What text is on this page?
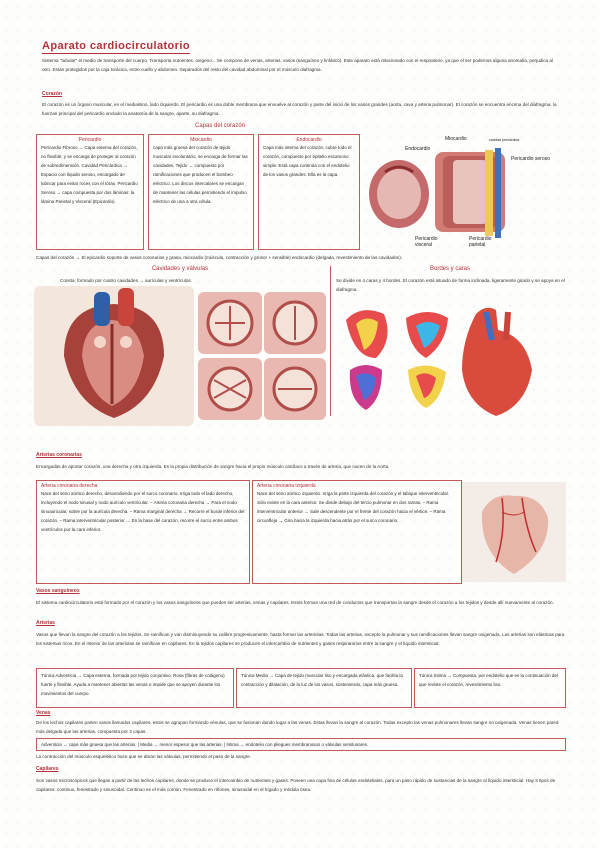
Aparato cardiocirculatorio
Sistema "tubular" el medio de transporte del cuerpo. Transporta nutrientes, oxígeno... Se compone de venas, arterias, vasos (sanguíneo y linfático). Este aparato está relacionado con el respiratorio, ya que el ser podemos alguna anomalía, perjudica al otro. Están protegidos por la caja torácica, entre cuello y abdomen. Separados del resto del cavidad abdominal por el músculo diafragma.
Corazón
El corazón es un órgano muscular, en el mediastino, lado izquierdo. El pericardio es una doble membrana que envuelve al corazón y parte del inicio de los vasos grandes (aorta, cava y arteria pulmonar). El corazón se encuentra encima del diafragma, la fuerzan principal del pericardio anclado la anatomía de la sangre, aparte, su diafragma.
Capas del corazón
Pericardio

Pericardio Fibroso → Capa externa del corazón, no flexible, y se encarga de proteger al corazón de sobredimensión. Cavidad Pericárdica → Espacio con líquido seroso, encargado de lubricar para evitar roces con el tórax. Pericardio Seroso → capa compuesta por dos láminas: la lámina Parietal y Visceral (Epicardio).

Miocardio

capa más gruesa del corazón de tejido muscular involuntario, se encarga de formar las cavidades. Tejido ← compuesto por ramificaciones que producen el bombeo eléctrico. Los discos intercalares se encargan de mantener las células permitiendo el impulso eléctrico de una a otra célula.

Endocardio

Capa más interna del corazón, cubre todo el corazón, compuesto por epitelio escamoso simple. Está capa continúa con el endotelio de los vasos grandes. Ella es la capa.

Endocardio
Miocardio	cavidad pericárdica
Pericardio seroso
Pericardio visceral
Pericardio parietal
Capas del corazón → El epicardio soporte de vasos coronarios y grasa, miocardio (músculo, contracción y grosor + sensible) endocardio (delgada, revestimiento de las cavidades).
Cavidades y válvulas
Consta, formado por cuatro cavidades → aurículas y ventrículos.
Bordes y caras
Se divide en 4 caras y 4 bordes. El corazón está situado de forma inclinada, ligeramente girado y se apoya en el diafragma.
Arterias coronarias
Encargadas de aportar corazón, una derecha y otra izquierda. Es la propia distribución de sangre hacia el propio músculo cardíaco a través de arteria, que nacen de la Aorta.
Arteria coronaria derecha

Nace del seno aórtico derecho, descendiendo por el surco coronario. Irriga todo el lado derecho, incluyendo el nodo sinusal y nodo aurículo ventricular. – Arteria coronaria derecha → Para el nodo sinoauricular, sobre por la aurícula derecha. – Rama marginal derecha → Recorre el borde inferior del corazón. – Rama interventricular posterior → En la base del corazón, recorre el surco entre ambos ventrículos por la cara inferior.

Arteria coronaria izquierda

Nace del seno aórtico izquierdo. Irriga la parte izquierda del corazón y el tabique interventricular. Sólo existe en la cara anterior. Se divide debajo del tercio pulmonar en dos ramas. – Rama interventricular anterior → Sale descendente por el frente del corazón hacia el vértice. – Rama circunfleja → Gira hacia la izquierda hacia atrás por el surco coronario.

Vasos sanguíneos
El sistema cardiocirculatorio está formado por el corazón y los vasos sanguíneos que pueden ser arterias, venas y capilares. Estos forman una red de conductos que transportan la sangre desde el corazón a los tejidos y desde allí nuevamente al corazón.
Arterias
Vasos que llevan la sangre del corazón a los tejidos. Se ramifican y van disminuyendo su calibre progresivamente, hasta formar las arteriolas. Todas las arterias, excepto la pulmonar y sus ramificaciones llevan sangre oxigenada. Las arterias son elásticas para los sistemas ricos. En el interior de las arteriolas se ramifican en capilares. En la tejidos capilares se producen el intercambio de nutrientes y gases respiratorios entre la sangre y el líquido intersticial.

Túnica Adventicia → Capa externa, formada por tejido conjuntivo. Rosa (fibras de colágeno) fuerte y flexible. Ayuda a mantener abiertas las venas e impide que se apoyen durante los movimientos del cuerpo.

Túnica Media → Capa de tejido muscular liso y encargada elástica, que facilita la contracción y dilatación, de la luz de los vasos, sosteniendo, capa más gruesa.

Túnica Íntima → Compuesta, por endotelio que es la continuación del que reviste el corazón, revestimiento liso.

Venas
De los lechos capilares parten vasos llamados capilares, estos se agrupan formando vénulas, que se fusionan dando lugar a las venas. Estas llevan la sangre al corazón. Todas excepto las venas pulmonares llevan sangre no oxigenada. Venas tienen pared más delgada que las arterias, compuesta por 3 capas.

Adventicia → capa más gruesa que las arterias. | Media → menor espesor que las arterias. | Íntima → endotelio con pliegues membranosos o válvulas semilunares.

La contracción del músculo esquelético hace que se abran las válvulas, permitiendo el paso de la sangre.
Capilares
Son vasos microscópicos que llegan a partir de las lechos capilares, donde se produce el intercambio de nutrientes y gases. Poseen una capa fina de células endoteliales, para un paso rápido de sustancias de la sangre al líquido intersticial. Hay 3 tipos de capilares: continuo, fenestrado y sinusoidal. Continuo es el más común. Fenestrado en riñones, sinusoidal en el hígado y médula ósea.
